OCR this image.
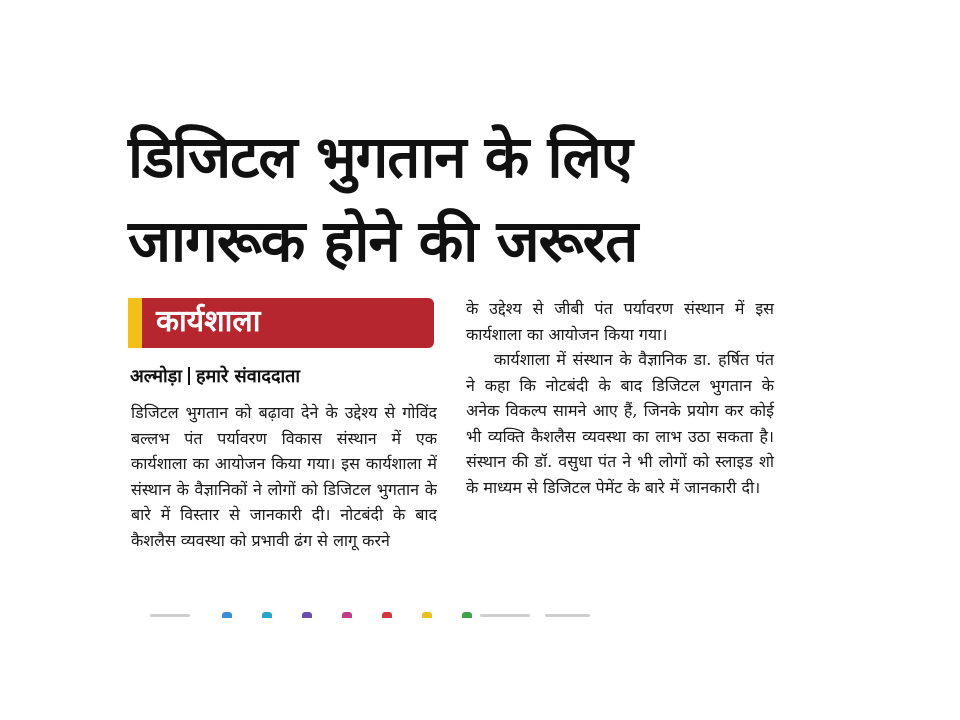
डिजिटल भुगतान के लिए
जागरूक होने की जरूरत
कार्यशाला
अल्मोड़ा हमारे संवाददाता

डिजिटल भुगतान को बढ़ावा देने के उद्देश्य से गोविंद बल्लभ पंत पर्यावरण विकास संस्थान में एक कार्यशाला का आयोजन किया गया। इस कार्यशाला में संस्थान के वैज्ञानिकों ने लोगों को डिजिटल भुगतान के बारे में विस्तार से जानकारी दी। नोटबंदी के बाद कैशलैस व्यवस्था को प्रभावी ढंग से लागू करने

के उद्देश्य से जीबी पंत पर्यावरण संस्थान में इस कार्यशाला का आयोजन किया गया।

कार्यशाला में संस्थान के वैज्ञानिक डा. हर्षित पंत ने कहा कि नोटबंदी के बाद डिजिटल भुगतान के अनेक विकल्प सामने आए हैं, जिनके प्रयोग कर कोई भी व्यक्ति कैशलैस व्यवस्था का लाभ उठा सकता है। संस्थान की डॉ. वसुधा पंत ने भी लोगों को स्लाइड शो के माध्यम से डिजिटल पेमेंट के बारे में जानकारी दी।
